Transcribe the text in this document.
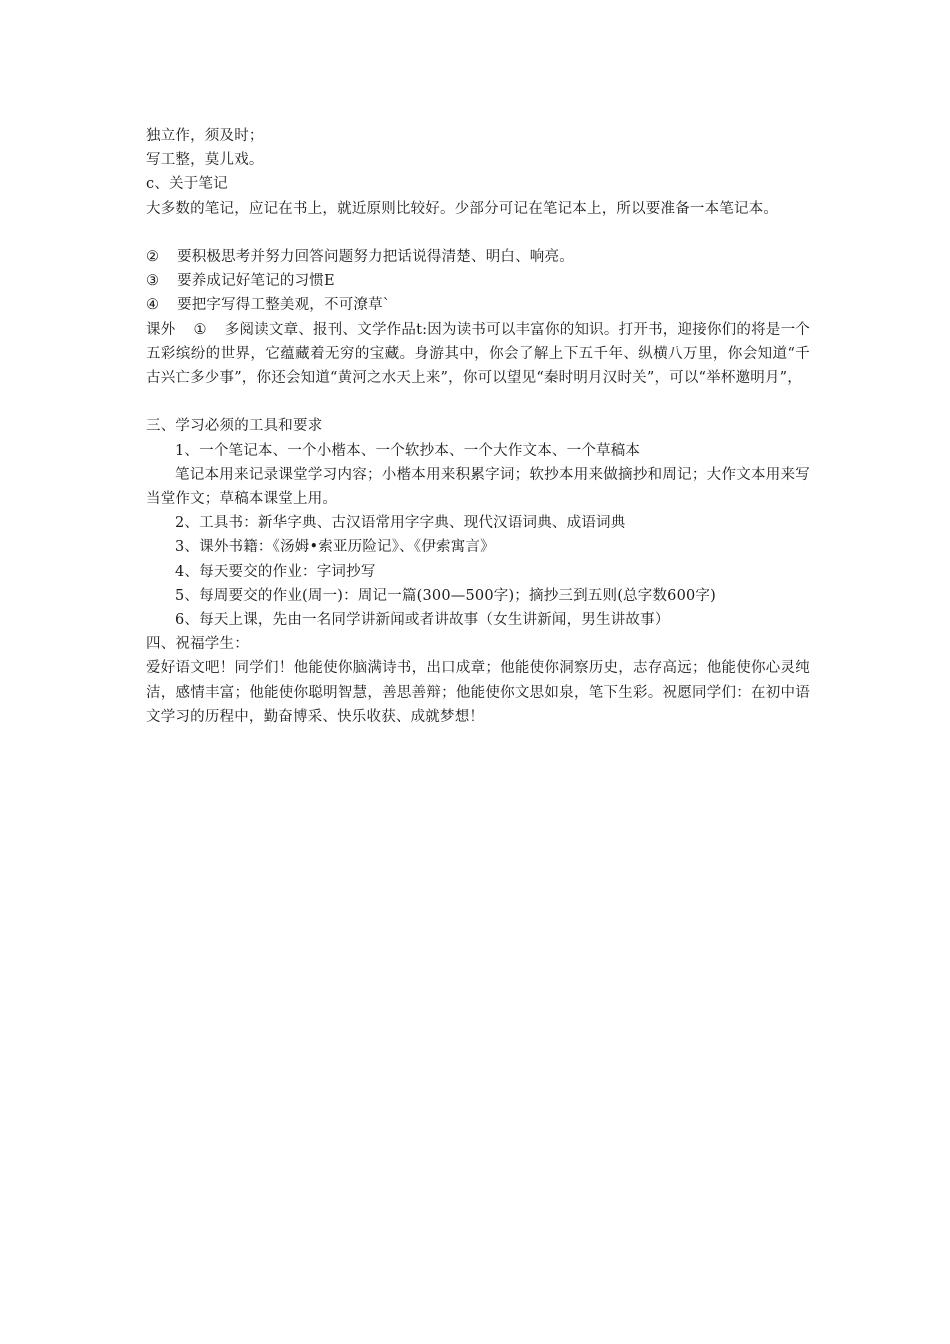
独立作，须及时；
写工整，莫儿戏。
c、关于笔记
大多数的笔记，应记在书上，就近原则比较好。少部分可记在笔记本上，所以要准备一本笔记本。
② 要积极思考并努力回答问题努力把话说得清楚、明白、响亮。
③ 要养成记好笔记的习惯E
④ 要把字写得工整美观，不可潦草`
课外 ① 多阅读文章、报刊、文学作品t:因为读书可以丰富你的知识。打开书，迎接你们的将是一个五彩缤纷的世界，它蕴藏着无穷的宝藏。身游其中，你会了解上下五千年、纵横八万里，你会知道“千古兴亡多少事”，你还会知道“黄河之水天上来”，你可以望见“秦时明月汉时关”，可以“举杯邀明月”，
三、学习必须的工具和要求
1、一个笔记本、一个小楷本、一个软抄本、一个大作文本、一个草稿本
笔记本用来记录课堂学习内容；小楷本用来积累字词；软抄本用来做摘抄和周记；大作文本用来写当堂作文；草稿本课堂上用。
2、工具书：新华字典、古汉语常用字字典、现代汉语词典、成语词典
3、课外书籍：《汤姆•索亚历险记》、《伊索寓言》
4、每天要交的作业：字词抄写
5、每周要交的作业(周一)：周记一篇(300—500字)；摘抄三到五则(总字数600字)
6、每天上课，先由一名同学讲新闻或者讲故事（女生讲新闻，男生讲故事）
四、祝福学生：
爱好语文吧！同学们！他能使你脑满诗书，出口成章；他能使你洞察历史，志存高远；他能使你心灵纯洁，感情丰富；他能使你聪明智慧，善思善辩；他能使你文思如泉，笔下生彩。祝愿同学们：在初中语文学习的历程中，勤奋博采、快乐收获、成就梦想！
